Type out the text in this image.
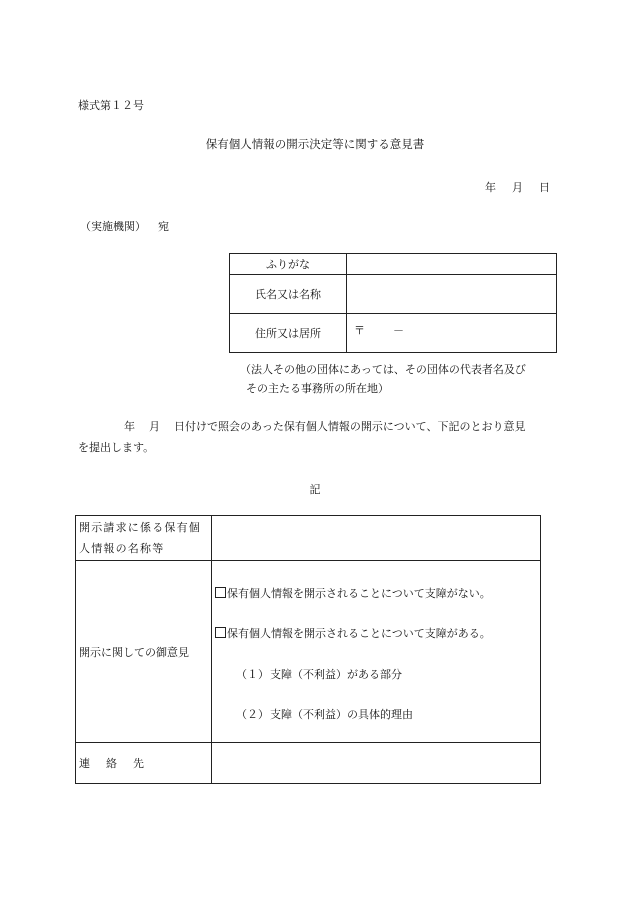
様式第１２号
保有個人情報の開示決定等に関する意見書
年 月 日
（実施機関） 宛
ふりがな	
氏名又は名称	
住所又は居所	〒 －
（法人その他の団体にあっては、その団体の代表者名及び
その主たる事務所の所在地）
年 月 日付けで照会のあった保有個人情報の開示について、下記のとおり意見
を提出します。
記
開示請求に係る保有個人情報の名称等	
開示に関しての御意見	保有個人情報を開示されることについて支障がない。
保有個人情報を開示されることについて支障がある。
（１）支障（不利益）がある部分
（２）支障（不利益）の具体的理由

連 絡 先	
